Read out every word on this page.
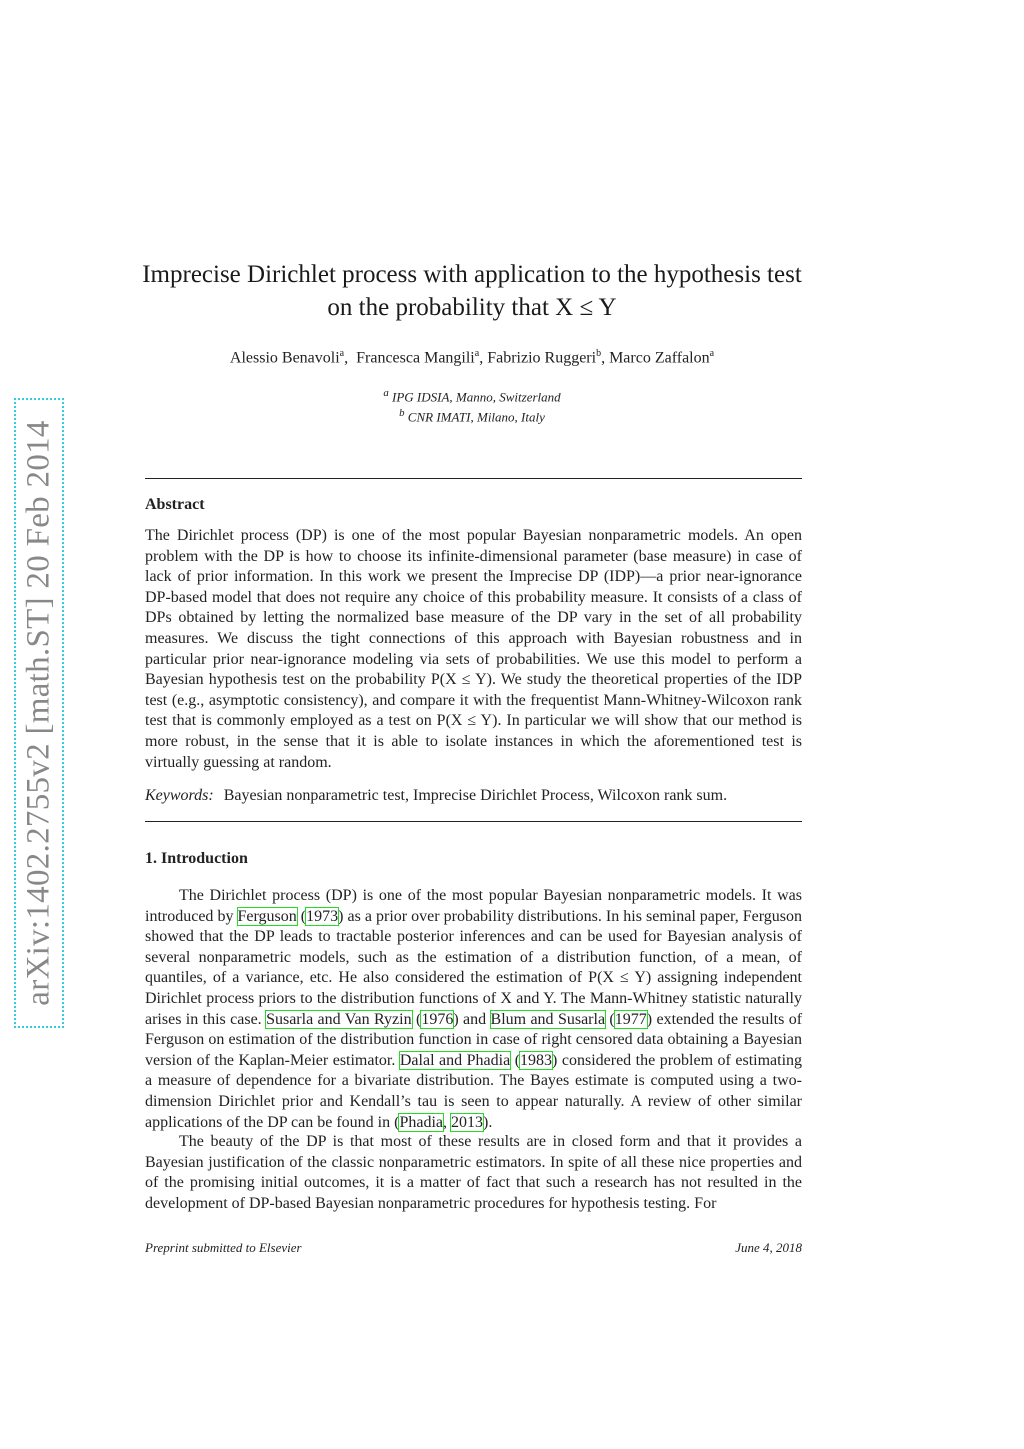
arXiv:1402.2755v2 [math.ST] 20 Feb 2014
Imprecise Dirichlet process with application to the hypothesis test
on the probability that X ≤ Y
Alessio Benavoli$^a$,  Francesca Mangili$^a$, Fabrizio Ruggeri$^b$, Marco Zaffalon$^a$
$^a$ IPG IDSIA, Manno, Switzerland
$^b$ CNR IMATI, Milano, Italy
Abstract

The Dirichlet process (DP) is one of the most popular Bayesian nonparametric models. An open problem with the DP is how to choose its infinite-dimensional parameter (base measure) in case of lack of prior information. In this work we present the Imprecise DP (IDP)—a prior near-ignorance DP-based model that does not require any choice of this probability measure. It consists of a class of DPs obtained by letting the normalized base measure of the DP vary in the set of all probability measures. We discuss the tight connections of this approach with Bayesian robustness and in particular prior near-ignorance modeling via sets of probabilities. We use this model to perform a Bayesian hypothesis test on the probability P(X ≤ Y). We study the theoretical properties of the IDP test (e.g., asymptotic consistency), and compare it with the frequentist Mann-Whitney-Wilcoxon rank test that is commonly employed as a test on P(X ≤ Y). In particular we will show that our method is more robust, in the sense that it is able to isolate instances in which the aforementioned test is virtually guessing at random.

Keywords: Bayesian nonparametric test, Imprecise Dirichlet Process, Wilcoxon rank sum.
1. Introduction

The Dirichlet process (DP) is one of the most popular Bayesian nonparametric models. It was introduced by Ferguson (1973) as a prior over probability distributions. In his seminal paper, Ferguson showed that the DP leads to tractable posterior inferences and can be used for Bayesian analysis of several nonparametric models, such as the estimation of a distribution function, of a mean, of quantiles, of a variance, etc. He also considered the estimation of P(X ≤ Y) assigning independent Dirichlet process priors to the distribution functions of X and Y. The Mann-Whitney statistic naturally arises in this case. Susarla and Van Ryzin (1976) and Blum and Susarla (1977) extended the results of Ferguson on estimation of the distribution function in case of right censored data obtaining a Bayesian version of the Kaplan-Meier estimator. Dalal and Phadia (1983) considered the problem of estimating a measure of dependence for a bivariate distribution. The Bayes estimate is computed using a two-dimension Dirichlet prior and Kendall’s tau is seen to appear naturally. A review of other similar applications of the DP can be found in (Phadia, 2013).

The beauty of the DP is that most of these results are in closed form and that it provides a Bayesian justification of the classic nonparametric estimators. In spite of all these nice properties and of the promising initial outcomes, it is a matter of fact that such a research has not resulted in the development of DP-based Bayesian nonparametric procedures for hypothesis testing. For

Preprint submitted to Elsevier	June 4, 2018
